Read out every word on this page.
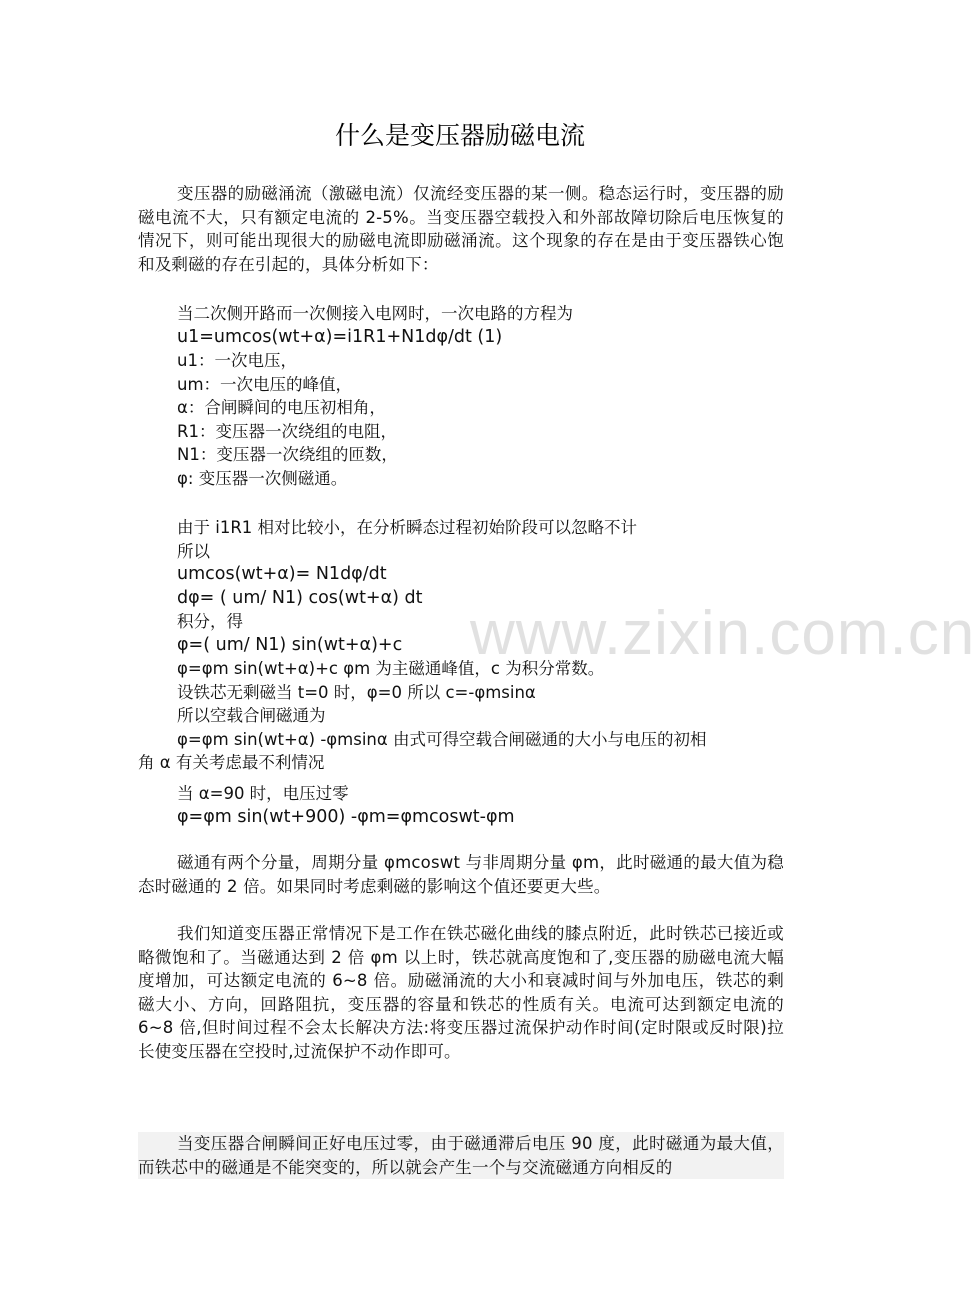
什么是变压器励磁电流

变压器的励磁涌流（激磁电流）仅流经变压器的某一侧。稳态运行时，变压器的励磁电流不大，只有额定电流的 2-5%。当变压器空载投入和外部故障切除后电压恢复的情况下，则可能出现很大的励磁电流即励磁涌流。这个现象的存在是由于变压器铁心饱和及剩磁的存在引起的，具体分析如下：

当二次侧开路而一次侧接入电网时，一次电路的方程为
u1=umcos(wt+α)=i1R1+N1dφ/dt (1)
u1：一次电压，
um：一次电压的峰值，
α：合闸瞬间的电压初相角，
R1：变压器一次绕组的电阻，
N1：变压器一次绕组的匝数，
φ: 变压器一次侧磁通。
由于 i1R1 相对比较小，在分析瞬态过程初始阶段可以忽略不计
所以
umcos(wt+α)= N1dφ/dt
dφ= ( um/ N1) cos(wt+α) dt
积分，得
φ=( um/ N1) sin(wt+α)+c
φ=φm sin(wt+α)+c φm 为主磁通峰值，c 为积分常数。
设铁芯无剩磁当 t=0 时，φ=0 所以 c=-φmsinα
所以空载合闸磁通为
φ=φm sin(wt+α) -φmsinα 由式可得空载合闸磁通的大小与电压的初相
角 α 有关考虑最不利情况
当 α=90 时，电压过零
φ=φm sin(wt+900) -φm=φmcoswt-φm

磁通有两个分量，周期分量 φmcoswt 与非周期分量 φm，此时磁通的最大值为稳态时磁通的 2 倍。如果同时考虑剩磁的影响这个值还要更大些。

我们知道变压器正常情况下是工作在铁芯磁化曲线的膝点附近，此时铁芯已接近或略微饱和了。当磁通达到 2 倍 φm 以上时，铁芯就高度饱和了,变压器的励磁电流大幅度增加，可达额定电流的 6~8 倍。励磁涌流的大小和衰减时间与外加电压，铁芯的剩磁大小、方向，回路阻抗，变压器的容量和铁芯的性质有关。电流可达到额定电流的 6~8 倍,但时间过程不会太长解决方法:将变压器过流保护动作时间(定时限或反时限)拉长使变压器在空投时,过流保护不动作即可。

当变压器合闸瞬间正好电压过零，由于磁通滞后电压 90 度，此时磁通为最大值，而铁芯中的磁通是不能突变的，所以就会产生一个与交流磁通方向相反的

www.zixin.com.cn
